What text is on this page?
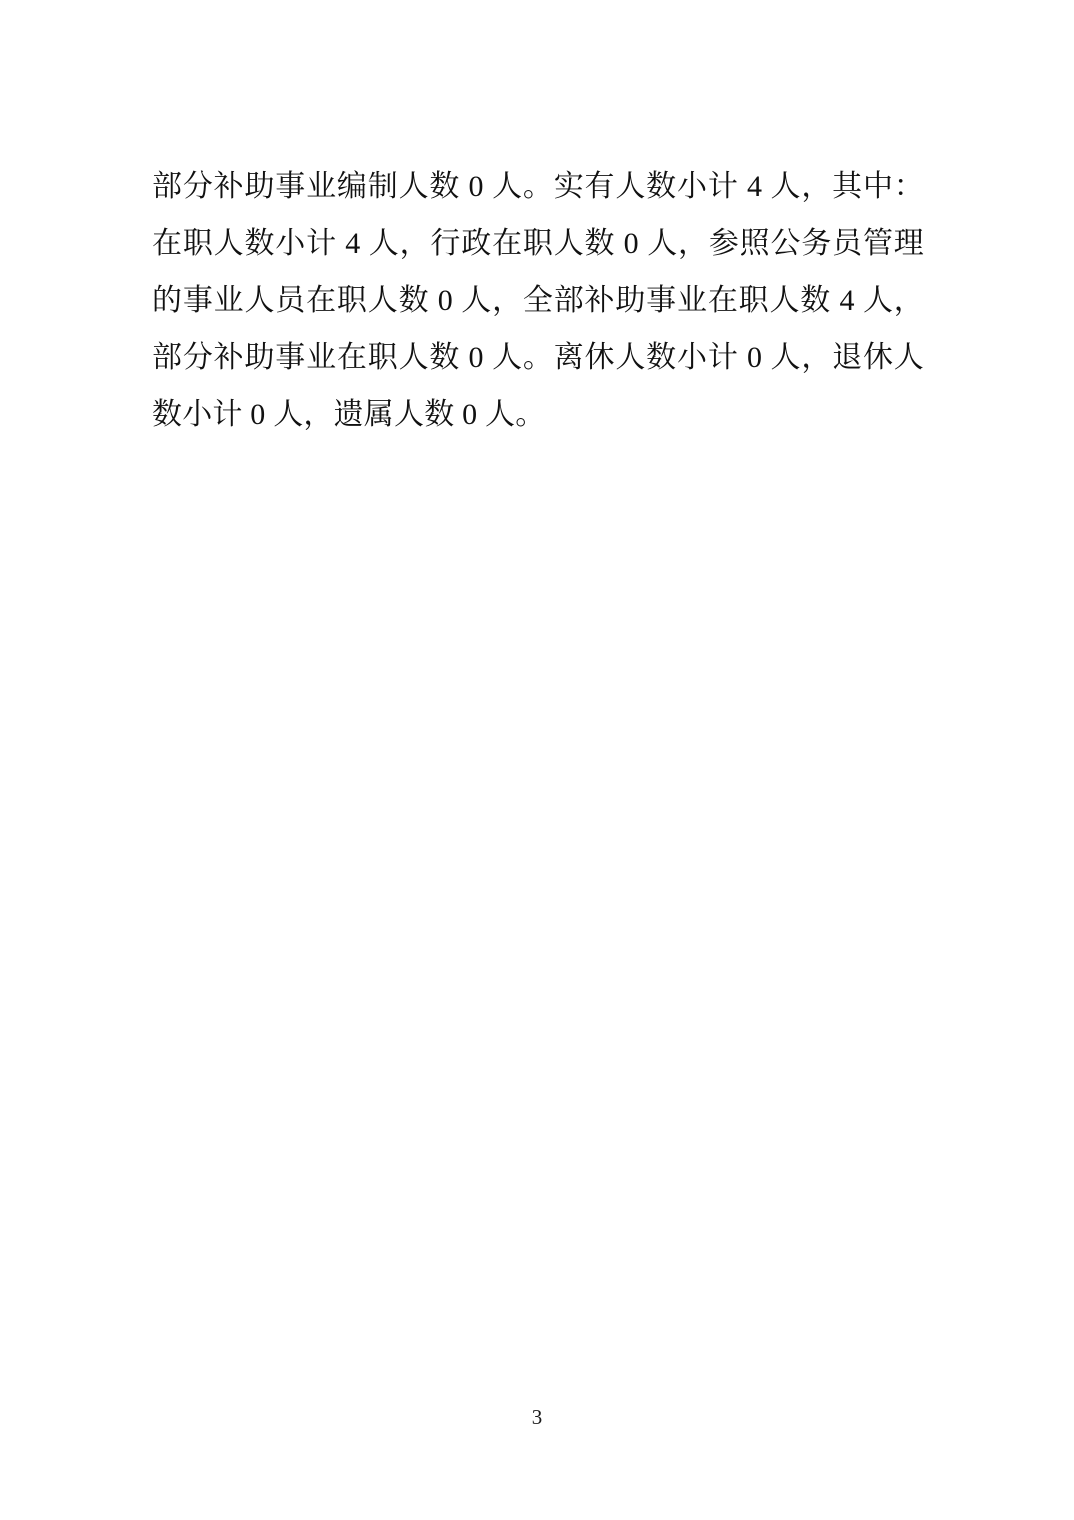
部分补助事业编制人数 0 人。实有人数小计 4 人，其中：在职人数小计 4 人，行政在职人数 0 人，参照公务员管理的事业人员在职人数 0 人，全部补助事业在职人数 4 人，部分补助事业在职人数 0 人。离休人数小计 0 人，退休人数小计 0 人，遗属人数 0 人。

3
